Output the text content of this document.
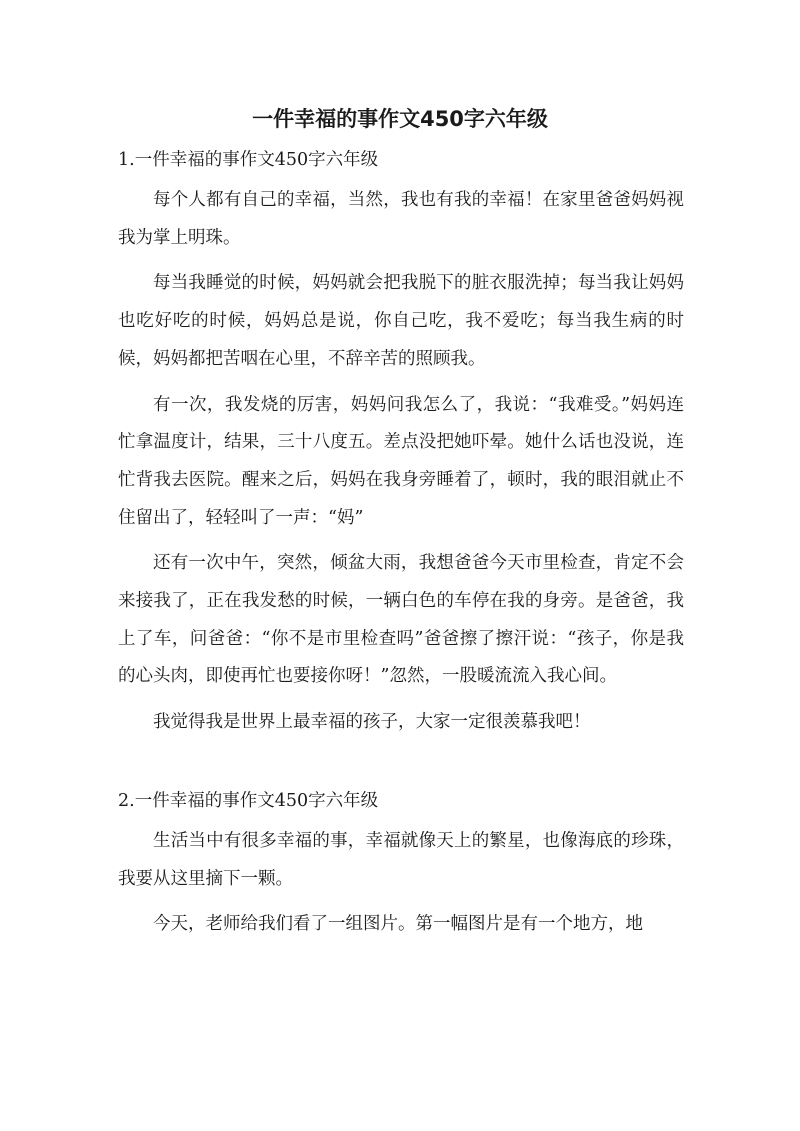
一件幸福的事作文450字六年级
1.一件幸福的事作文450字六年级

每个人都有自己的幸福，当然，我也有我的幸福！在家里爸爸妈妈视我为掌上明珠。

每当我睡觉的时候，妈妈就会把我脱下的脏衣服洗掉；每当我让妈妈也吃好吃的时候，妈妈总是说，你自己吃，我不爱吃；每当我生病的时候，妈妈都把苦咽在心里，不辞辛苦的照顾我。

有一次，我发烧的厉害，妈妈问我怎么了，我说：“我难受。”妈妈连忙拿温度计，结果，三十八度五。差点没把她吓晕。她什么话也没说，连忙背我去医院。醒来之后，妈妈在我身旁睡着了，顿时，我的眼泪就止不住留出了，轻轻叫了一声：“妈”

还有一次中午，突然，倾盆大雨，我想爸爸今天市里检查，肯定不会来接我了，正在我发愁的时候，一辆白色的车停在我的身旁。是爸爸，我上了车，问爸爸：“你不是市里检查吗”爸爸擦了擦汗说：“孩子，你是我的心头肉，即使再忙也要接你呀！”忽然，一股暖流流入我心间。

我觉得我是世界上最幸福的孩子，大家一定很羡慕我吧！

2.一件幸福的事作文450字六年级

生活当中有很多幸福的事，幸福就像天上的繁星，也像海底的珍珠，我要从这里摘下一颗。

今天，老师给我们看了一组图片。第一幅图片是有一个地方，地
